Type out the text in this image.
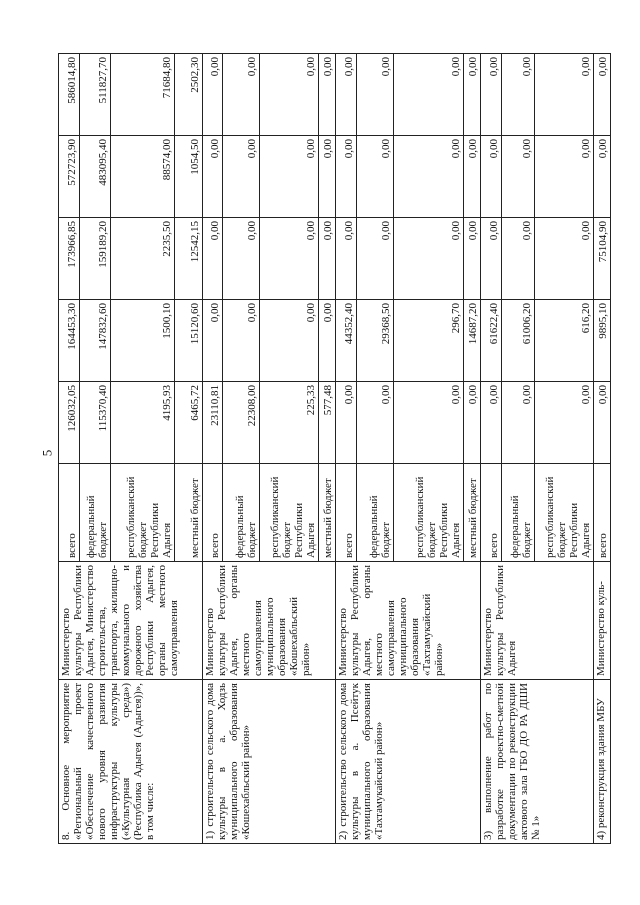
5
8. Основное мероприятие «Региональный проект «Обеспечение качественного нового уровня развития инфраструктуры культуры («Культурная среда») (Республика Адыгея (Адыгея))», в том числе:	Министерство культуры Республики Адыгея, Министерство строительства, транспорта, жилищно-коммунального и дорожного хозяйства Республики Адыгея, органы местного самоуправления	всего	126032,05	164453,30	173966,85	572723,90	586014,80
		федеральный бюджет	115370,40	147832,60	159189,20	483095,40	511827,70
		республиканский бюджет Республики Адыгея	4195,93	1500,10	2235,50	88574,00	71684,80
		местный бюджет	6465,72	15120,60	12542,15	1054,50	2502,30
1) строительство сельского дома культуры в а. Ходзь муниципального образования «Кошехабльский район»	Министерство культуры Республики Адыгея, органы местного самоуправления муниципального образования «Кошехабльский район»	всего	23110,81	0,00	0,00	0,00	0,00
		федеральный бюджет	22308,00	0,00	0,00	0,00	0,00
		республиканский бюджет Республики Адыгея	225,33	0,00	0,00	0,00	0,00
		местный бюджет	577,48	0,00	0,00	0,00	0,00
2) строительство сельского дома культуры в а. Псейтук муниципального образования «Тахтамукайский район»	Министерство культуры Республики Адыгея, органы местного самоуправления муниципального образования «Тахтамукайский район»	всего	0,00	44352,40	0,00	0,00	0,00
		федеральный бюджет	0,00	29368,50	0,00	0,00	0,00
		республиканский бюджет Республики Адыгея	0,00	296,70	0,00	0,00	0,00
		местный бюджет	0,00	14687,20	0,00	0,00	0,00
3) выполнение работ по разработке проектно-сметной документации по реконструкции актового зала ГБО ДО РА ДШИ № 1»	Министерство культуры Республики Адыгея	всего	0,00	61622,40	0,00	0,00	0,00
		федеральный бюджет	0,00	61006,20	0,00	0,00	0,00
		республиканский бюджет Республики Адыгея	0,00	616,20	0,00	0,00	0,00
4) реконструкция здания МБУ	Министерство куль-	всего	0,00	9895,10	75104,90	0,00	0,00
